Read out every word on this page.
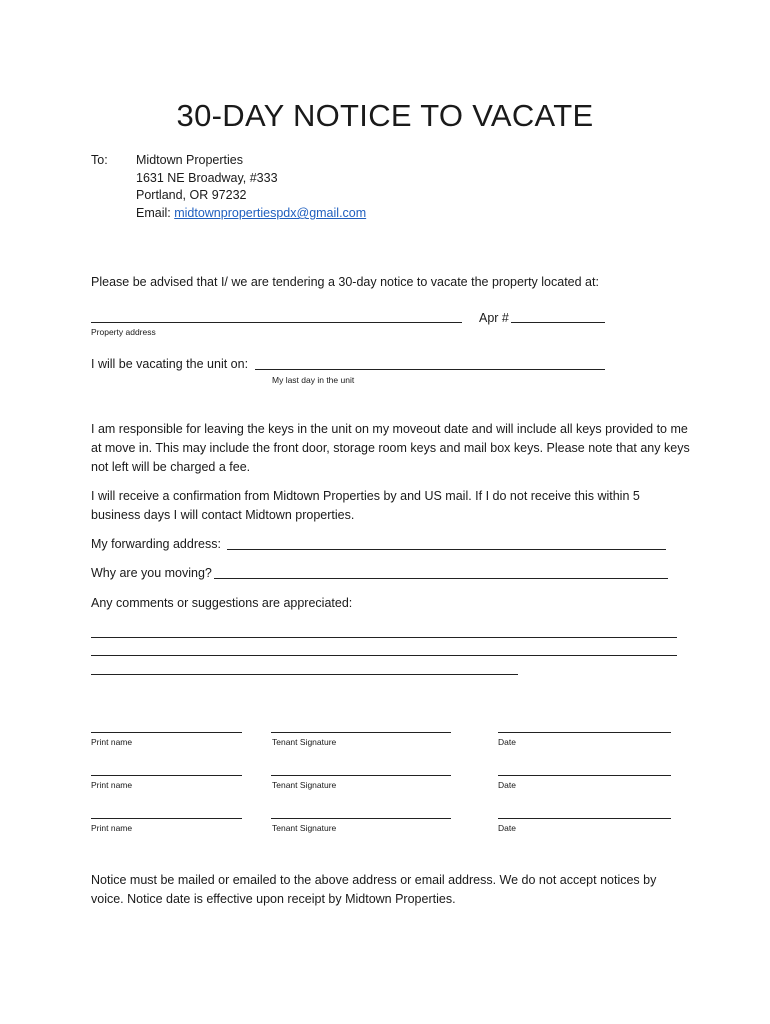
30-DAY NOTICE TO VACATE
To: Midtown Properties
1631 NE Broadway, #333
Portland, OR 97232
Email: midtownpropertiespdx@gmail.com
Please be advised that I/ we are tendering a 30-day notice to vacate the property located at:
Apr #
Property address
I will be vacating the unit on:
My last day in the unit
I am responsible for leaving the keys in the unit on my moveout date and will include all keys provided to me at move in. This may include the front door, storage room keys and mail box keys. Please note that any keys not left will be charged a fee.
I will receive a confirmation from Midtown Properties by and US mail. If I do not receive this within 5 business days I will contact Midtown properties.
My forwarding address:
Why are you moving?
Any comments or suggestions are appreciated:
Print name	Tenant Signature	Date
Print name	Tenant Signature	Date
Print name	Tenant Signature	Date
Notice must be mailed or emailed to the above address or email address. We do not accept notices by voice. Notice date is effective upon receipt by Midtown Properties.
